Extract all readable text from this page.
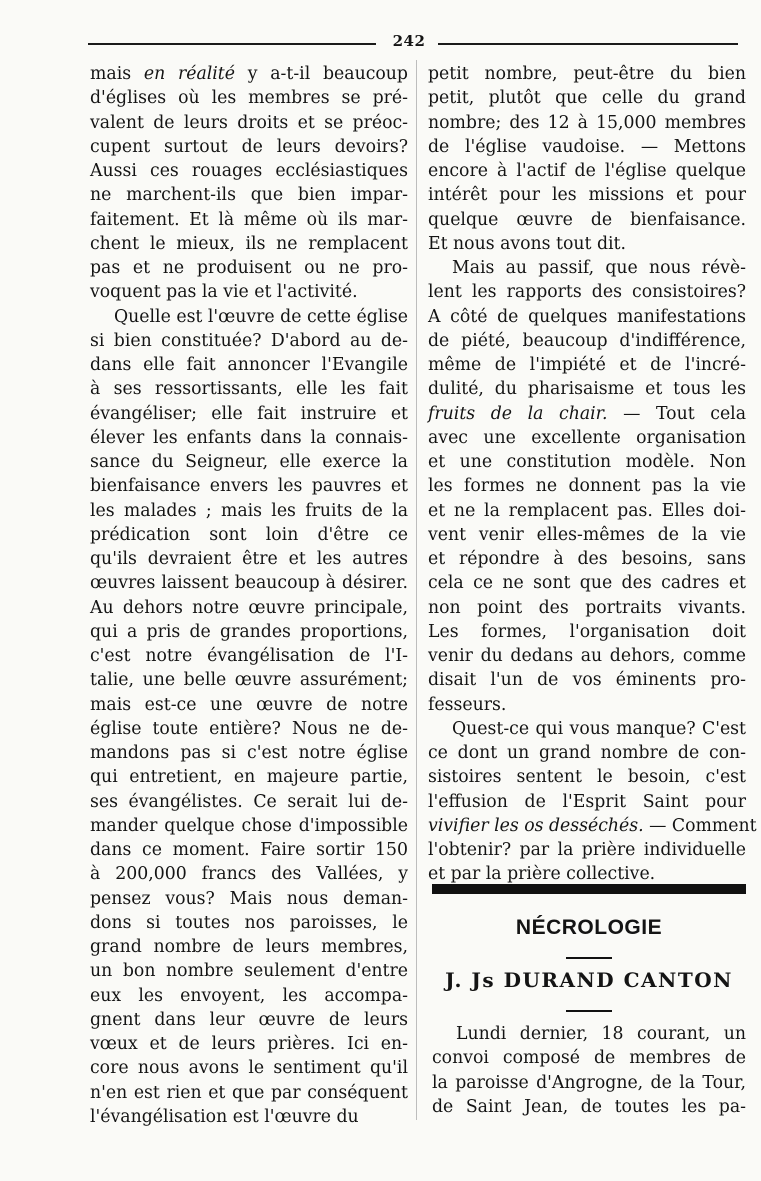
242
mais en réalité y a-t-il beaucoup
d'églises où les membres se pré-
valent de leurs droits et se préoc-
cupent surtout de leurs devoirs?
Aussi ces rouages ecclésiastiques
ne marchent-ils que bien impar-
faitement. Et là même où ils mar-
chent le mieux, ils ne remplacent
pas et ne produisent ou ne pro-
voquent pas la vie et l'activité.
Quelle est l'œuvre de cette église
si bien constituée? D'abord au de-
dans elle fait annoncer l'Evangile
à ses ressortissants, elle les fait
évangéliser; elle fait instruire et
élever les enfants dans la connais-
sance du Seigneur, elle exerce la
bienfaisance envers les pauvres et
les malades ; mais les fruits de la
prédication sont loin d'être ce
qu'ils devraient être et les autres
œuvres laissent beaucoup à désirer.
Au dehors notre œuvre principale,
qui a pris de grandes proportions,
c'est notre évangélisation de l'I-
talie, une belle œuvre assurément;
mais est-ce une œuvre de notre
église toute entière? Nous ne de-
mandons pas si c'est notre église
qui entretient, en majeure partie,
ses évangélistes. Ce serait lui de-
mander quelque chose d'impossible
dans ce moment. Faire sortir 150
à 200,000 francs des Vallées, y
pensez vous? Mais nous deman-
dons si toutes nos paroisses, le
grand nombre de leurs membres,
un bon nombre seulement d'entre
eux les envoyent, les accompa-
gnent dans leur œuvre de leurs
vœux et de leurs prières. Ici en-
core nous avons le sentiment qu'il
n'en est rien et que par conséquent
l'évangélisation est l'œuvre du
petit nombre, peut-être du bien
petit, plutôt que celle du grand
nombre; des 12 à 15,000 membres
de l'église vaudoise. — Mettons
encore à l'actif de l'église quelque
intérêt pour les missions et pour
quelque œuvre de bienfaisance.
Et nous avons tout dit.
Mais au passif, que nous révè-
lent les rapports des consistoires?
A côté de quelques manifestations
de piété, beaucoup d'indifférence,
même de l'impiété et de l'incré-
dulité, du pharisaisme et tous les
fruits de la chair. — Tout cela
avec une excellente organisation
et une constitution modèle. Non
les formes ne donnent pas la vie
et ne la remplacent pas. Elles doi-
vent venir elles-mêmes de la vie
et répondre à des besoins, sans
cela ce ne sont que des cadres et
non point des portraits vivants.
Les formes, l'organisation doit
venir du dedans au dehors, comme
disait l'un de vos éminents pro-
fesseurs.
Quest-ce qui vous manque? C'est
ce dont un grand nombre de con-
sistoires sentent le besoin, c'est
l'effusion de l'Esprit Saint pour
vivifier les os desséchés. — Comment
l'obtenir? par la prière individuelle
et par la prière collective.
NÉCROLOGIE
J. Js DURAND CANTON
Lundi dernier, 18 courant, un
convoi composé de membres de
la paroisse d'Angrogne, de la Tour,
de Saint Jean, de toutes les pa-
